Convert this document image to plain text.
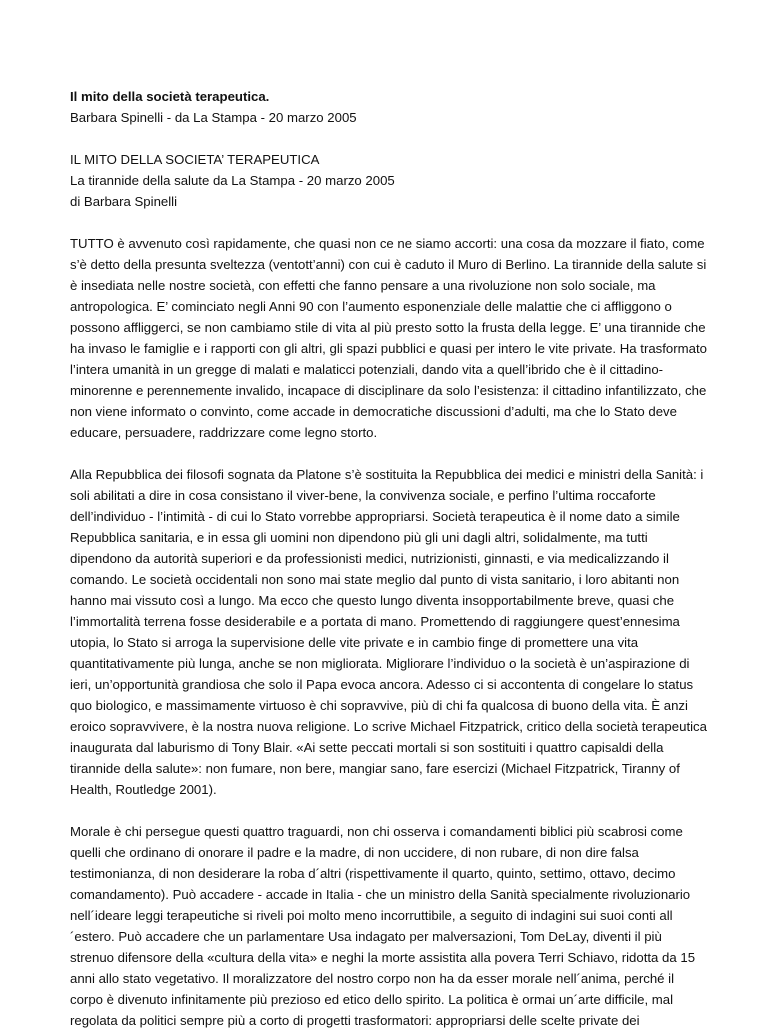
Il mito della società terapeutica.

Barbara Spinelli - da La Stampa - 20 marzo 2005

IL MITO DELLA SOCIETA’ TERAPEUTICA

La tirannide della salute da La Stampa - 20 marzo 2005

di Barbara Spinelli

TUTTO è avvenuto così rapidamente, che quasi non ce ne siamo accorti: una cosa da mozzare il fiato, come s’è detto della presunta sveltezza (ventott’anni) con cui è caduto il Muro di Berlino. La tirannide della salute si è insediata nelle nostre società, con effetti che fanno pensare a una rivoluzione non solo sociale, ma antropologica. E’ cominciato negli Anni 90 con l’aumento esponenziale delle malattie che ci affliggono o possono affliggerci, se non cambiamo stile di vita al più presto sotto la frusta della legge. E’ una tirannide che ha invaso le famiglie e i rapporti con gli altri, gli spazi pubblici e quasi per intero le vite private. Ha trasformato l’intera umanità in un gregge di malati e malaticci potenziali, dando vita a quell’ibrido che è il cittadino-minorenne e perennemente invalido, incapace di disciplinare da solo l’esistenza: il cittadino infantilizzato, che non viene informato o convinto, come accade in democratiche discussioni d’adulti, ma che lo Stato deve educare, persuadere, raddrizzare come legno storto.

Alla Repubblica dei filosofi sognata da Platone s’è sostituita la Repubblica dei medici e ministri della Sanità: i soli abilitati a dire in cosa consistano il viver-bene, la convivenza sociale, e perfino l’ultima roccaforte dell’individuo - l’intimità - di cui lo Stato vorrebbe appropriarsi. Società terapeutica è il nome dato a simile Repubblica sanitaria, e in essa gli uomini non dipendono più gli uni dagli altri, solidalmente, ma tutti dipendono da autorità superiori e da professionisti medici, nutrizionisti, ginnasti, e via medicalizzando il comando. Le società occidentali non sono mai state meglio dal punto di vista sanitario, i loro abitanti non hanno mai vissuto così a lungo. Ma ecco che questo lungo diventa insopportabilmente breve, quasi che l’immortalità terrena fosse desiderabile e a portata di mano. Promettendo di raggiungere quest’ennesima utopia, lo Stato si arroga la supervisione delle vite private e in cambio finge di promettere una vita quantitativamente più lunga, anche se non migliorata. Migliorare l’individuo o la società è un’aspirazione di ieri, un’opportunità grandiosa che solo il Papa evoca ancora. Adesso ci si accontenta di congelare lo status quo biologico, e massimamente virtuoso è chi sopravvive, più di chi fa qualcosa di buono della vita. È anzi eroico sopravvivere, è la nostra nuova religione. Lo scrive Michael Fitzpatrick, critico della società terapeutica inaugurata dal laburismo di Tony Blair. «Ai sette peccati mortali si son sostituiti i quattro capisaldi della tirannide della salute»: non fumare, non bere, mangiar sano, fare esercizi (Michael Fitzpatrick, Tiranny of Health, Routledge 2001).

Morale è chi persegue questi quattro traguardi, non chi osserva i comandamenti biblici più scabrosi come quelli che ordinano di onorare il padre e la madre, di non uccidere, di non rubare, di non dire falsa testimonianza, di non desiderare la roba d´altri (rispettivamente il quarto, quinto, settimo, ottavo, decimo comandamento). Può accadere - accade in Italia - che un ministro della Sanità specialmente rivoluzionario nell´ideare leggi terapeutiche si riveli poi molto meno incorruttibile, a seguito di indagini sui suoi conti all´estero. Può accadere che un parlamentare Usa indagato per malversazioni, Tom DeLay, diventi il più strenuo difensore della «cultura della vita» e neghi la morte assistita alla povera Terri Schiavo, ridotta da 15 anni allo stato vegetativo. Il moralizzatore del nostro corpo non ha da esser morale nell´anima, perché il corpo è divenuto infinitamente più prezioso ed etico dello spirito. La politica è ormai un´arte difficile, mal regolata da politici sempre più a corto di progetti trasformatori: appropriarsi delle scelte private dei
